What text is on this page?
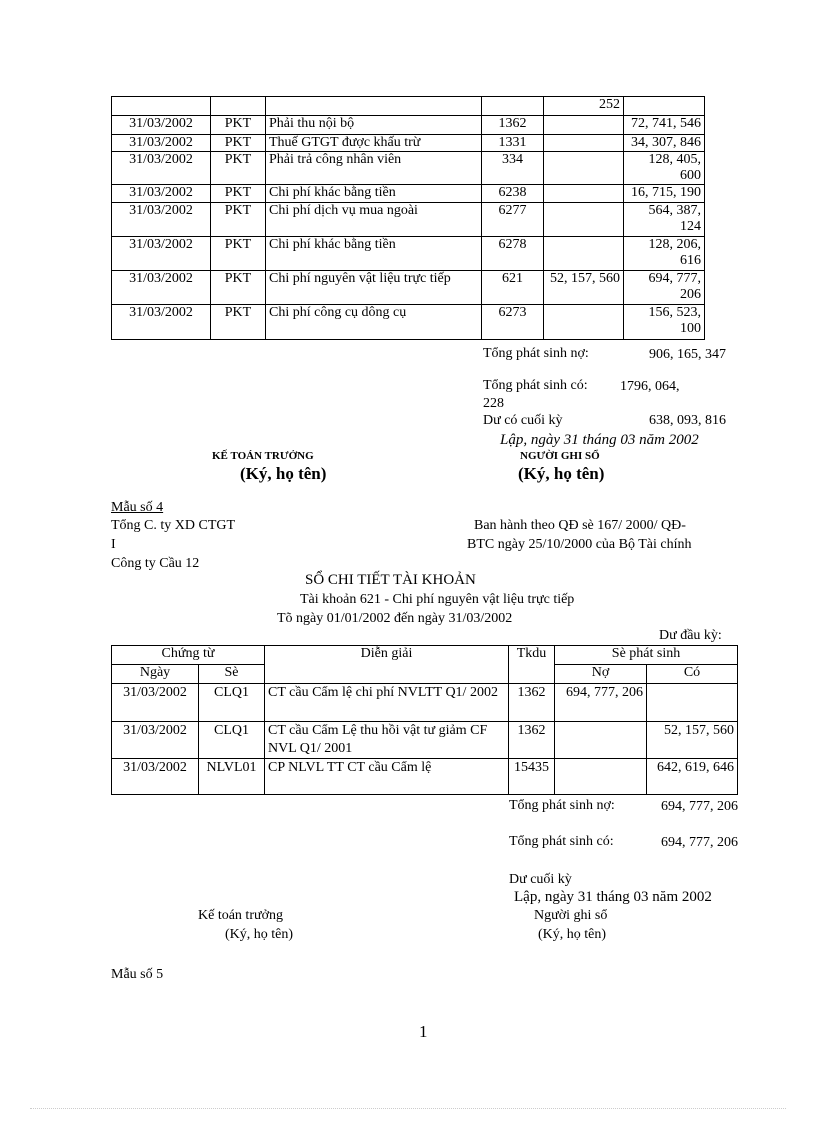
				252	
31/03/2002	PKT	Phải thu nội bộ	1362		72, 741, 546
31/03/2002	PKT	Thuế GTGT được khấu trừ	1331		34, 307, 846
31/03/2002	PKT	Phải trả công nhân viên	334		128, 405, 600
31/03/2002	PKT	Chi phí khác bằng tiền	6238		16, 715, 190
31/03/2002	PKT	Chi phí dịch vụ mua ngoài	6277		564, 387, 124
31/03/2002	PKT	Chi phí khác bằng tiền	6278		128, 206, 616
31/03/2002	PKT	Chi phí nguyên vật liệu trực tiếp	621	52, 157, 560	694, 777, 206
31/03/2002	PKT	Chi phí công cụ dông cụ	6273		156, 523, 100
Tổng phát sinh nợ:	906, 165, 347
Tổng phát sinh có:	1796, 064, 228
Dư có cuối kỳ	638, 093, 816
Lập, ngày 31 tháng 03 năm 2002
KẾ TOÁN TRƯỞNG
(Ký, họ tên)
NGƯỜI GHI SỔ
(Ký, họ tên)
Mẫu số 4
Tổng C. ty XD CTGT
I
Công ty Cầu 12
Ban hành theo QĐ sè 167/ 2000/ QĐ-
BTC ngày 25/10/2000 của Bộ Tài chính
SỔ CHI TIẾT TÀI KHOẢN
Tài khoản 621 - Chi phí nguyên vật liệu trực tiếp
Tõ ngày 01/01/2002 đến ngày 31/03/2002
Dư đầu kỳ:
Chứng từ		Diễn giải	Tkdu	Sè phát sinh	
Ngày	Sè			Nợ	Có
31/03/2002	CLQ1	CT cầu Cẩm lệ chi phí NVLTT Q1/ 2002	1362	694, 777, 206	
31/03/2002	CLQ1	CT cầu Cẩm Lệ thu hồi vật tư giảm CF NVL Q1/ 2001	1362		52, 157, 560
31/03/2002	NLVL01	CP NLVL TT CT cầu Cẩm lệ	15435		642, 619, 646
Tổng phát sinh nợ:	694, 777, 206
Tổng phát sinh có:	694, 777, 206
Dư cuối kỳ
Lập, ngày 31 tháng 03 năm 2002
Kế toán trưởng
(Ký, họ tên)
Người ghi sổ
(Ký, họ tên)
Mẫu số 5
1
